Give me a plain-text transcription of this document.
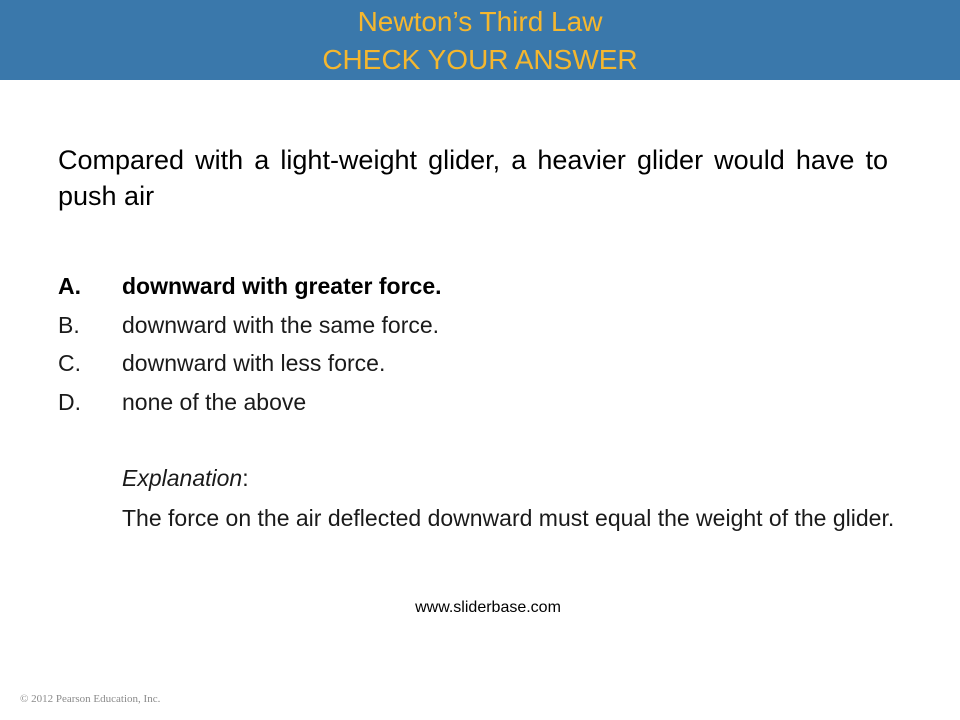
Newton’s Third Law
CHECK YOUR ANSWER
Compared with a light-weight glider, a heavier glider would have to push air
A. downward with greater force.
B. downward with the same force.
C. downward with less force.
D. none of the above
Explanation:
The force on the air deflected downward must equal the weight of the glider.
www.sliderbase.com
© 2012 Pearson Education, Inc.
